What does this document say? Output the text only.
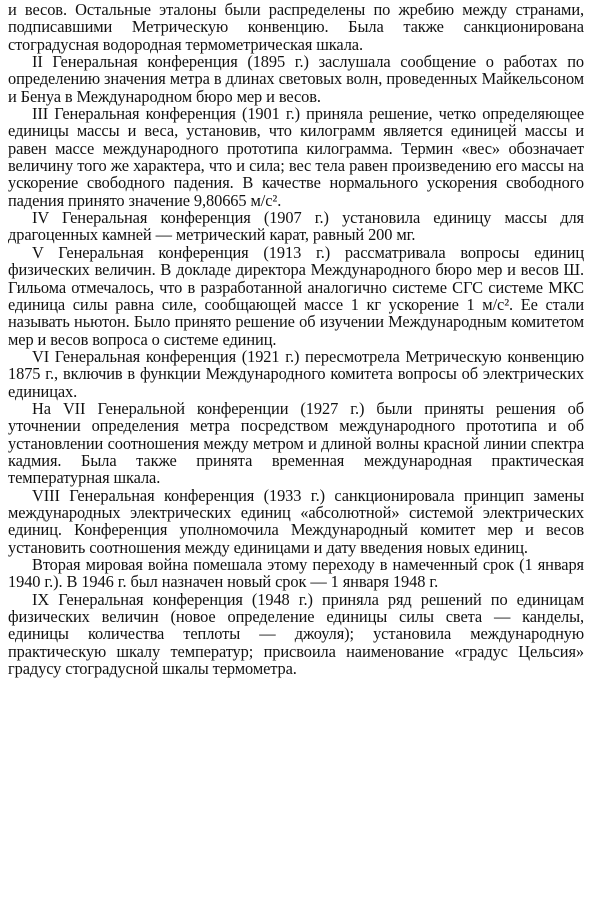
и весов. Остальные эталоны были распределены по жребию между странами, подписавшими Метрическую конвенцию. Была также санкционирована стоградусная водородная термометрическая шкала.

II Генеральная конференция (1895 г.) заслушала сообщение о работах по определению значения метра в длинах световых волн, проведенных Майкельсоном и Бенуа в Международном бюро мер и весов.

III Генеральная конференция (1901 г.) приняла решение, четко определяющее единицы массы и веса, установив, что килограмм является единицей массы и равен массе международного прототипа килограмма. Термин «вес» обозначает величину того же характера, что и сила; вес тела равен произведению его массы на ускорение свободного падения. В качестве нормального ускорения свободного падения принято значение 9,80665 м/с².

IV Генеральная конференция (1907 г.) установила единицу массы для драгоценных камней — метрический карат, равный 200 мг.

V Генеральная конференция (1913 г.) рассматривала вопросы единиц физических величин. В докладе директора Международного бюро мер и весов Ш. Гильома отмечалось, что в разработанной аналогично системе СГС системе МКС единица силы равна силе, сообщающей массе 1 кг ускорение 1 м/с². Ее стали называть ньютон. Было принято решение об изучении Международным комитетом мер и весов вопроса о системе единиц.

VI Генеральная конференция (1921 г.) пересмотрела Метрическую конвенцию 1875 г., включив в функции Международного комитета вопросы об электрических единицах.

На VII Генеральной конференции (1927 г.) были приняты решения об уточнении определения метра посредством международного прототипа и об установлении соотношения между метром и длиной волны красной линии спектра кадмия. Была также принята временная международная практическая температурная шкала.

VIII Генеральная конференция (1933 г.) санкционировала принцип замены международных электрических единиц «абсолютной» системой электрических единиц. Конференция уполномочила Международный комитет мер и весов установить соотношения между единицами и дату введения новых единиц.

Вторая мировая война помешала этому переходу в намеченный срок (1 января 1940 г.). В 1946 г. был назначен новый срок — 1 января 1948 г.

IX Генеральная конференция (1948 г.) приняла ряд решений по единицам физических величин (новое определение единицы силы света — канделы, единицы количества теплоты — джоуля); установила международную практическую шкалу температур; присвоила наименование «градус Цельсия» градусу стоградусной шкалы термометра.
